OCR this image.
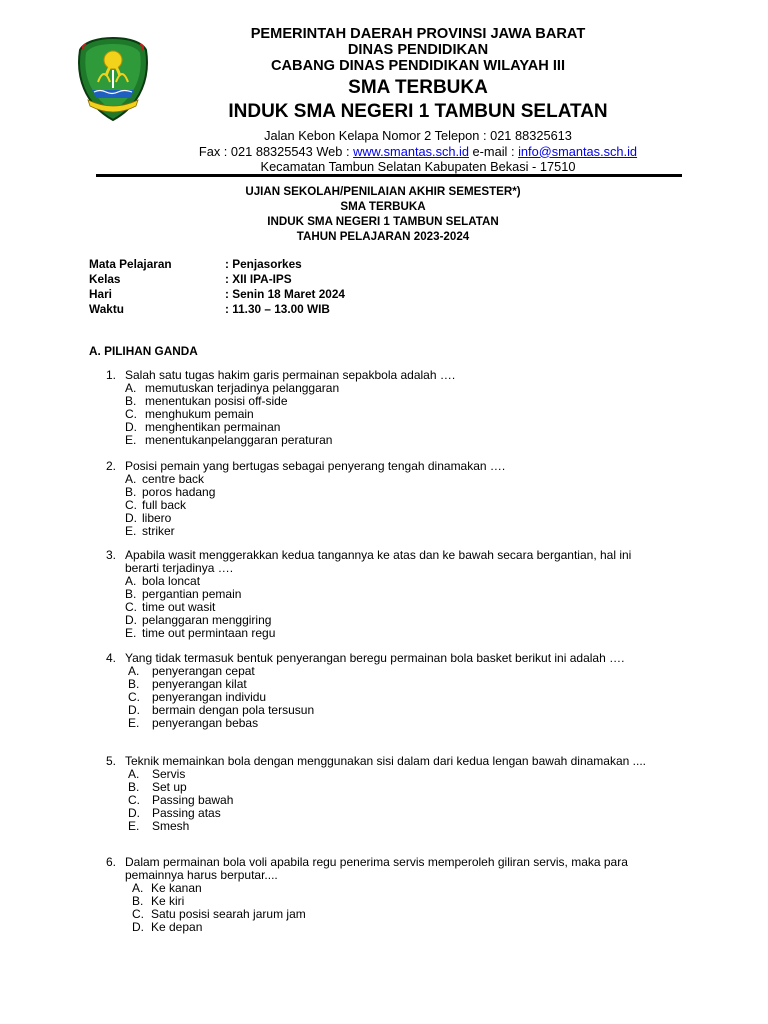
PEMERINTAH DAERAH PROVINSI JAWA BARAT
DINAS PENDIDIKAN
CABANG DINAS PENDIDIKAN WILAYAH III
SMA TERBUKA
INDUK SMA NEGERI 1 TAMBUN SELATAN
Jalan Kebon Kelapa Nomor 2 Telepon : 021 88325613
Fax : 021 88325543 Web : www.smantas.sch.id e-mail : info@smantas.sch.id
Kecamatan Tambun Selatan Kabupaten Bekasi - 17510
UJIAN SEKOLAH/PENILAIAN AKHIR SEMESTER*)
SMA TERBUKA
INDUK SMA NEGERI 1 TAMBUN SELATAN
TAHUN PELAJARAN 2023-2024
Mata Pelajaran	: Penjasorkes
Kelas	: XII IPA-IPS
Hari	: Senin 18 Maret 2024
Waktu	: 11.30 – 13.00 WIB
A. PILIHAN GANDA
1. Salah satu tugas hakim garis permainan sepakbola adalah ….
A. memutuskan terjadinya pelanggaran
B. menentukan posisi off-side
C. menghukum pemain
D. menghentikan permainan
E. menentukanpelanggaran peraturan
2. Posisi pemain yang bertugas sebagai penyerang tengah dinamakan ….
A. centre back
B. poros hadang
C. full back
D. libero
E. striker
3. Apabila wasit menggerakkan kedua tangannya ke atas dan ke bawah secara bergantian, hal ini berarti terjadinya ….
A. bola loncat
B. pergantian pemain
C. time out wasit
D. pelanggaran menggiring
E. time out permintaan regu
4. Yang tidak termasuk bentuk penyerangan beregu permainan bola basket berikut ini adalah ….
A.	penyerangan cepat
B.	penyerangan kilat
C.	penyerangan individu
D.	bermain dengan pola tersusun
E.	penyerangan bebas
5. Teknik memainkan bola dengan menggunakan sisi dalam dari kedua lengan bawah dinamakan ....
A.	Servis
B.	Set up
C.	Passing bawah
D.	Passing atas
E.	Smesh
6. Dalam permainan bola voli apabila regu penerima servis memperoleh giliran servis, maka para pemainnya harus berputar....
A. Ke kanan
B. Ke kiri
C. Satu posisi searah jarum jam
D. Ke depan
